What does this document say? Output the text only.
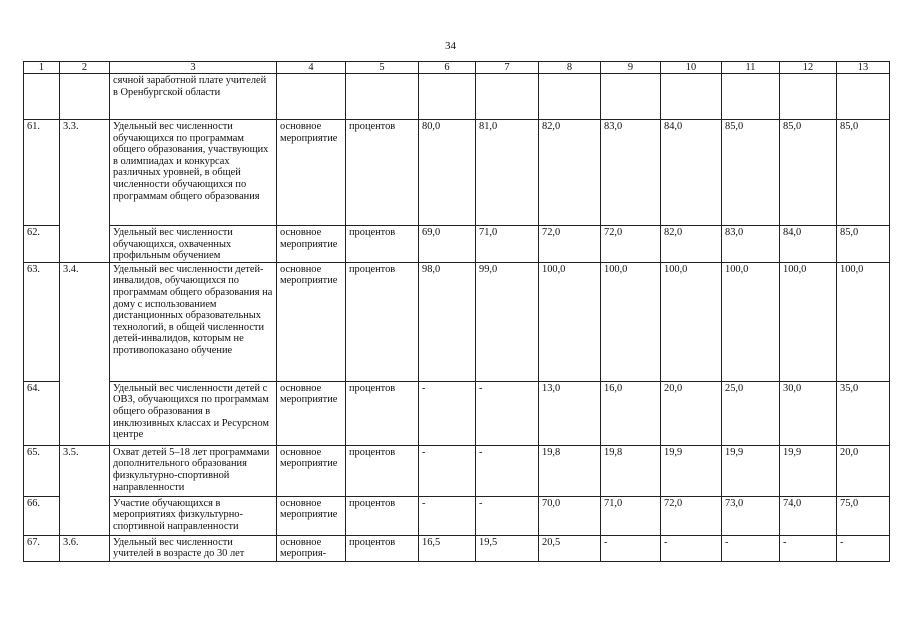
34
1	2	3	4	5	6	7	8	9	10	11	12	13
		сячной заработной плате учителей в Оренбургской области										
61.	3.3.	Удельный вес численности обучающихся по программам общего образования, участвующих в олимпиадах и конкурсах различных уровней, в общей численности обучающихся по программам общего образования	основное мероприятие	процентов	80,0	81,0	82,0	83,0	84,0	85,0	85,0	85,0
62.		Удельный вес численности обучающихся, охваченных профильным обучением	основное мероприятие	процентов	69,0	71,0	72,0	72,0	82,0	83,0	84,0	85,0
63.	3.4.	Удельный вес численности детей-инвалидов, обучающихся по программам общего образования на дому с использованием дистанционных образовательных технологий, в общей численности детей-инвалидов, которым не противопоказано обучение	основное мероприятие	процентов	98,0	99,0	100,0	100,0	100,0	100,0	100,0	100,0
64.		Удельный вес численности детей с ОВЗ, обучающихся по программам общего образования в инклюзивных классах и Ресурсном центре	основное мероприятие	процентов	-	-	13,0	16,0	20,0	25,0	30,0	35,0
65.	3.5.	Охват детей 5–18 лет программами дополнительного образования физкультурно-спортивной направленности	основное мероприятие	процентов	-	-	19,8	19,8	19,9	19,9	19,9	20,0
66.		Участие обучающихся в мероприятиях физкультурно-спортивной направленности	основное мероприятие	процентов	-	-	70,0	71,0	72,0	73,0	74,0	75,0
67.	3.6.	Удельный вес численности учителей в возрасте до 30 лет	основное мероприя-	процентов	16,5	19,5	20,5	-	-	-	-	-
